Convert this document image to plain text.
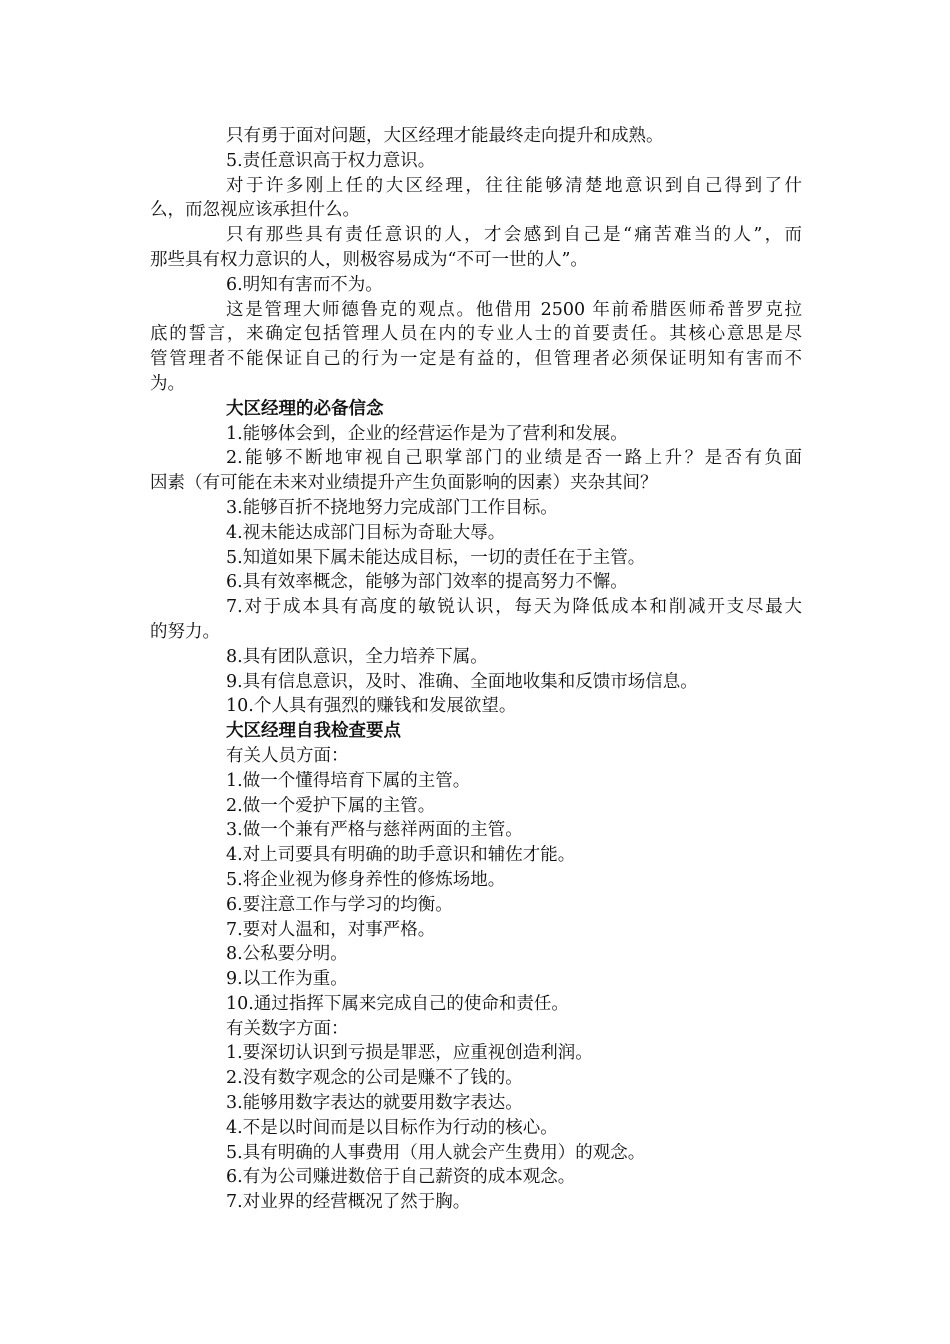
只有勇于面对问题，大区经理才能最终走向提升和成熟。

5.责任意识高于权力意识。

对于许多刚上任的大区经理，往往能够清楚地意识到自己得到了什

么，而忽视应该承担什么。

只有那些具有责任意识的人，才会感到自己是“痛苦难当的人”，而

那些具有权力意识的人，则极容易成为“不可一世的人”。

6.明知有害而不为。

这是管理大师德鲁克的观点。他借用 2500 年前希腊医师希普罗克拉

底的誓言，来确定包括管理人员在内的专业人士的首要责任。其核心意思是尽

管管理者不能保证自己的行为一定是有益的，但管理者必须保证明知有害而不

为。

大区经理的必备信念

1.能够体会到，企业的经营运作是为了营利和发展。

2.能够不断地审视自己职掌部门的业绩是否一路上升？是否有负面

因素（有可能在未来对业绩提升产生负面影响的因素）夹杂其间？

3.能够百折不挠地努力完成部门工作目标。

4.视未能达成部门目标为奇耻大辱。

5.知道如果下属未能达成目标，一切的责任在于主管。

6.具有效率概念，能够为部门效率的提高努力不懈。

7.对于成本具有高度的敏锐认识，每天为降低成本和削减开支尽最大

的努力。

8.具有团队意识，全力培养下属。

9.具有信息意识，及时、准确、全面地收集和反馈市场信息。

10.个人具有强烈的赚钱和发展欲望。

大区经理自我检查要点

有关人员方面：

1.做一个懂得培育下属的主管。

2.做一个爱护下属的主管。

3.做一个兼有严格与慈祥两面的主管。

4.对上司要具有明确的助手意识和辅佐才能。

5.将企业视为修身养性的修炼场地。

6.要注意工作与学习的均衡。

7.要对人温和，对事严格。

8.公私要分明。

9.以工作为重。

10.通过指挥下属来完成自己的使命和责任。

有关数字方面：

1.要深切认识到亏损是罪恶，应重视创造利润。

2.没有数字观念的公司是赚不了钱的。

3.能够用数字表达的就要用数字表达。

4.不是以时间而是以目标作为行动的核心。

5.具有明确的人事费用（用人就会产生费用）的观念。

6.有为公司赚进数倍于自己薪资的成本观念。

7.对业界的经营概况了然于胸。
